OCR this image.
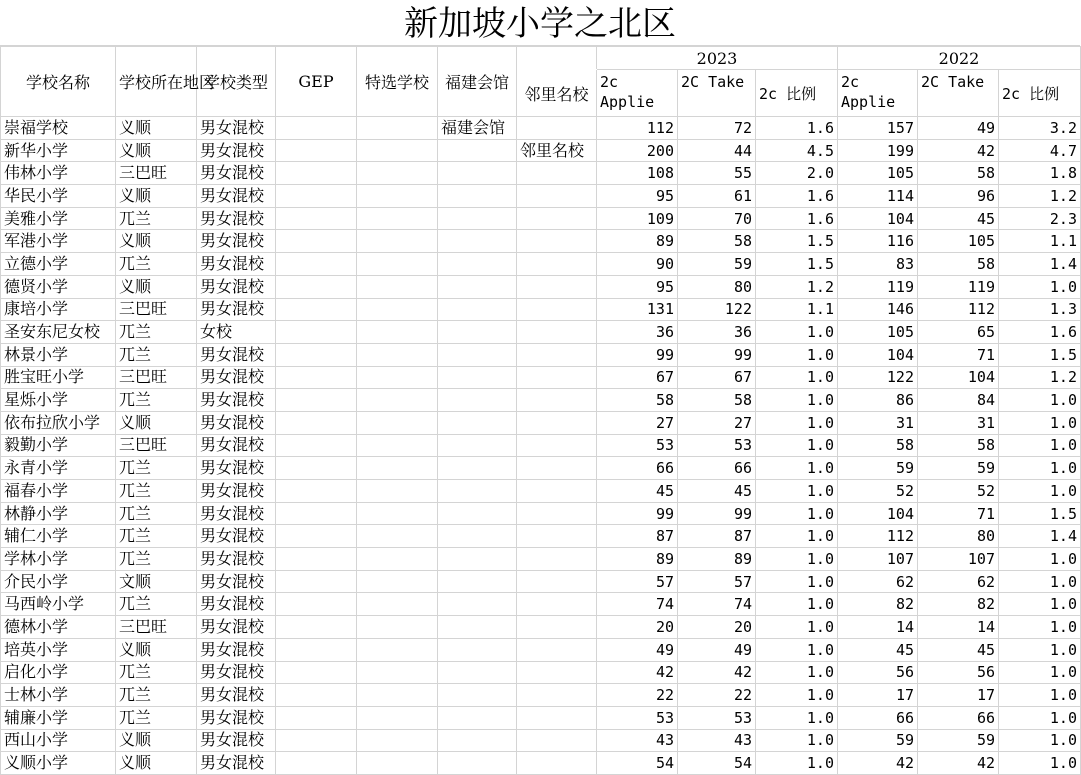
新加坡小学之北区
学校名称	学校所在地区	学校类型	GEP	特选学校	福建会馆		2023			2022		
						邻里名校	2c Applie	2C Take	2c 比例	2c Applie	2C Take	2c 比例
崇福学校	义顺	男女混校			福建会馆		112	72	1.6	157	49	3.2
新华小学	义顺	男女混校				邻里名校	200	44	4.5	199	42	4.7
伟林小学	三巴旺	男女混校					108	55	2.0	105	58	1.8
华民小学	义顺	男女混校					95	61	1.6	114	96	1.2
美雅小学	兀兰	男女混校					109	70	1.6	104	45	2.3
军港小学	义顺	男女混校					89	58	1.5	116	105	1.1
立德小学	兀兰	男女混校					90	59	1.5	83	58	1.4
德贤小学	义顺	男女混校					95	80	1.2	119	119	1.0
康培小学	三巴旺	男女混校					131	122	1.1	146	112	1.3
圣安东尼女校	兀兰	女校					36	36	1.0	105	65	1.6
林景小学	兀兰	男女混校					99	99	1.0	104	71	1.5
胜宝旺小学	三巴旺	男女混校					67	67	1.0	122	104	1.2
星烁小学	兀兰	男女混校					58	58	1.0	86	84	1.0
依布拉欣小学	义顺	男女混校					27	27	1.0	31	31	1.0
毅勤小学	三巴旺	男女混校					53	53	1.0	58	58	1.0
永青小学	兀兰	男女混校					66	66	1.0	59	59	1.0
福春小学	兀兰	男女混校					45	45	1.0	52	52	1.0
林静小学	兀兰	男女混校					99	99	1.0	104	71	1.5
辅仁小学	兀兰	男女混校					87	87	1.0	112	80	1.4
学林小学	兀兰	男女混校					89	89	1.0	107	107	1.0
介民小学	文顺	男女混校					57	57	1.0	62	62	1.0
马西岭小学	兀兰	男女混校					74	74	1.0	82	82	1.0
德林小学	三巴旺	男女混校					20	20	1.0	14	14	1.0
培英小学	义顺	男女混校					49	49	1.0	45	45	1.0
启化小学	兀兰	男女混校					42	42	1.0	56	56	1.0
士林小学	兀兰	男女混校					22	22	1.0	17	17	1.0
辅廉小学	兀兰	男女混校					53	53	1.0	66	66	1.0
西山小学	义顺	男女混校					43	43	1.0	59	59	1.0
义顺小学	义顺	男女混校					54	54	1.0	42	42	1.0
